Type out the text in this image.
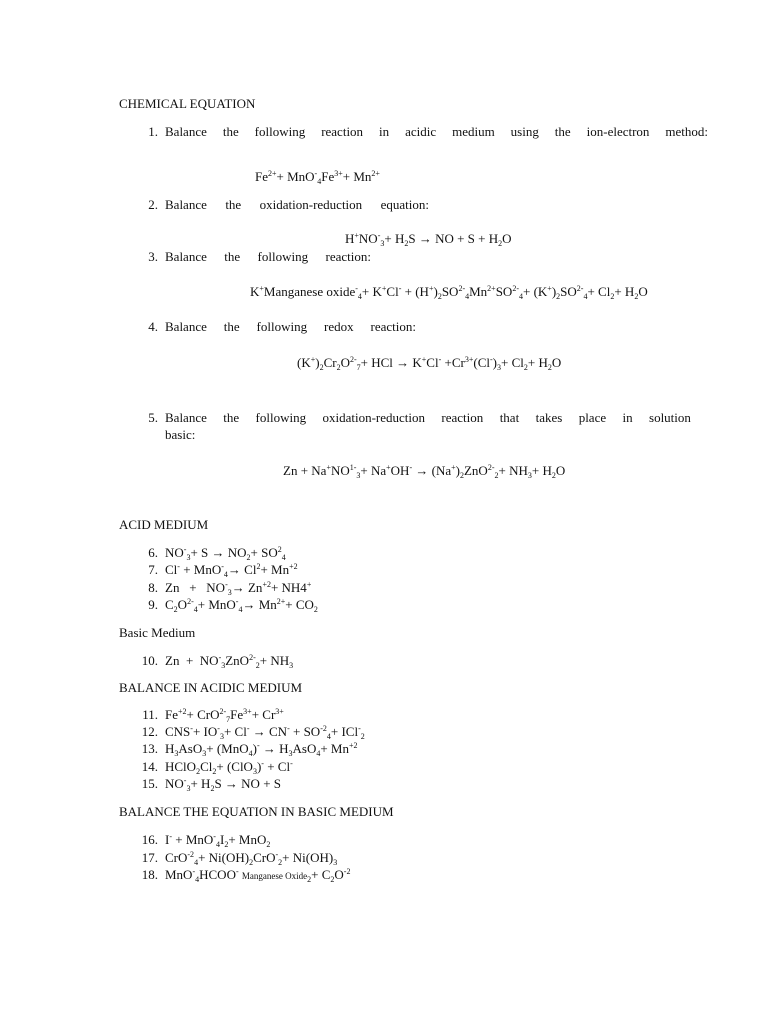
CHEMICAL EQUATION
1. Balance the following reaction in acidic medium using the ion-electron method:
$Fe^{2+}+ MnO^-_4Fe^{3+}+ Mn^{2+}$
2. Balance the oxidation-reduction equation:
$H^+NO^-_3+ H_2S$ → NO + $S + H_2O$
3. Balance the following reaction:
K+Manganese oxide-$_4$+ $K^+Cl^- + (H^+)_2SO^{2-}_4Mn^{2+}SO^{2-}_4+ (K^+)_2SO^{2-}_4+ Cl_2+ H_2O$
4. Balance the following redox reaction:
$(K^+)_2Cr_2O^{2-}_7+$ HCl → $K^+Cl^- +Cr^{3+}(Cl^-)_3+ Cl_2+ H_2O$
5. Balance the following oxidation-reduction reaction that takes place in solution
basic:
$Zn + Na^+NO^{1-}_3+ Na^+OH^- \to (Na^+)_2ZnO^{2-}_2+ NH_3+ H_2O$
ACID MEDIUM
6. $NO^-_3+ S \to NO_2+ SO^2_4$
7. $Cl^- + MnO^-_4\to Cl^2+ Mn^{+2}$
8. $Zn + NO^-_3\to Zn^{+2}+ NH4^+$
9. $C_2O^{2-}_4+ MnO^-_4\to Mn^{2+}+ CO_2$
Basic Medium
10. $Zn + NO^-_3ZnO^{2-}_2+ NH_3$
BALANCE IN ACIDIC MEDIUM
11. $Fe^{+2}+ CrO^{2-}_7Fe^{3+}+ Cr^{3+}$
12. $CNS^-+ IO^-_3+ Cl^- \to CN^- + SO^{-2}_4+ ICl^-_2$
13. $H_3AsO_3+ (MnO_4)^- \to H_3AsO_4+ Mn^{+2}$
14. $HClO_2Cl_2+ (ClO_3)^- + Cl^-$
15. $NO^-_3+ H_2S$ → NO + S
BALANCE THE EQUATION IN BASIC MEDIUM
16. $I^- + MnO^-_4I_2+ MnO_2$
17. $CrO^{-2}_4+ Ni(OH)_2CrO^-_2+ Ni(OH)_3$
18. MnO-$_4$HCOO- Manganese Oxide$_2$+ $C_2O^{-2}$
